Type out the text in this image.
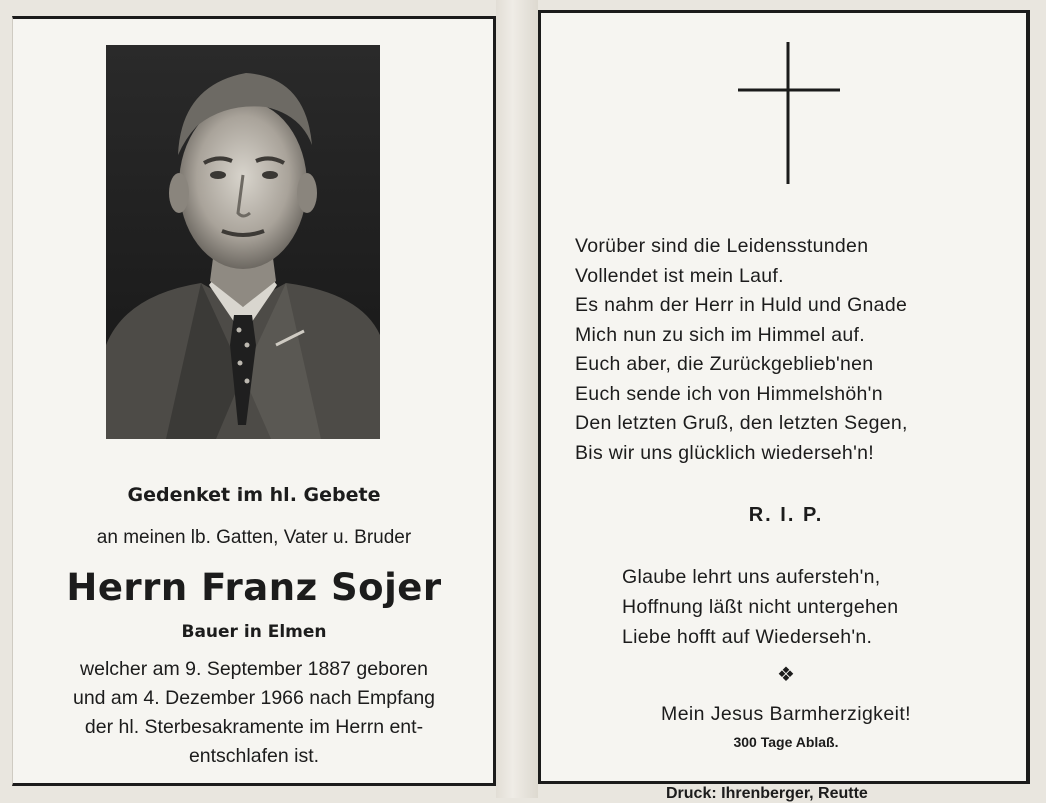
Gedenket im hl. Gebete
an meinen lb. Gatten, Vater u. Bruder
Herrn Franz Sojer
Bauer in Elmen
welcher am 9. September 1887 geboren
und am 4. Dezember 1966 nach Empfang
der hl. Sterbesakramente im Herrn ent-
entschlafen ist.
Vorüber sind die Leidensstunden
Vollendet ist mein Lauf.
Es nahm der Herr in Huld und Gnade
Mich nun zu sich im Himmel auf.
Euch aber, die Zurückgeblieb'nen
Euch sende ich von Himmelshöh'n
Den letzten Gruß, den letzten Segen,
Bis wir uns glücklich wiederseh'n!
R. I. P.
Glaube lehrt uns aufersteh'n,
Hoffnung läßt nicht untergehen
Liebe hofft auf Wiederseh'n.
❖
Mein Jesus Barmherzigkeit!
300 Tage Ablaß.
Druck: Ihrenberger, Reutte
